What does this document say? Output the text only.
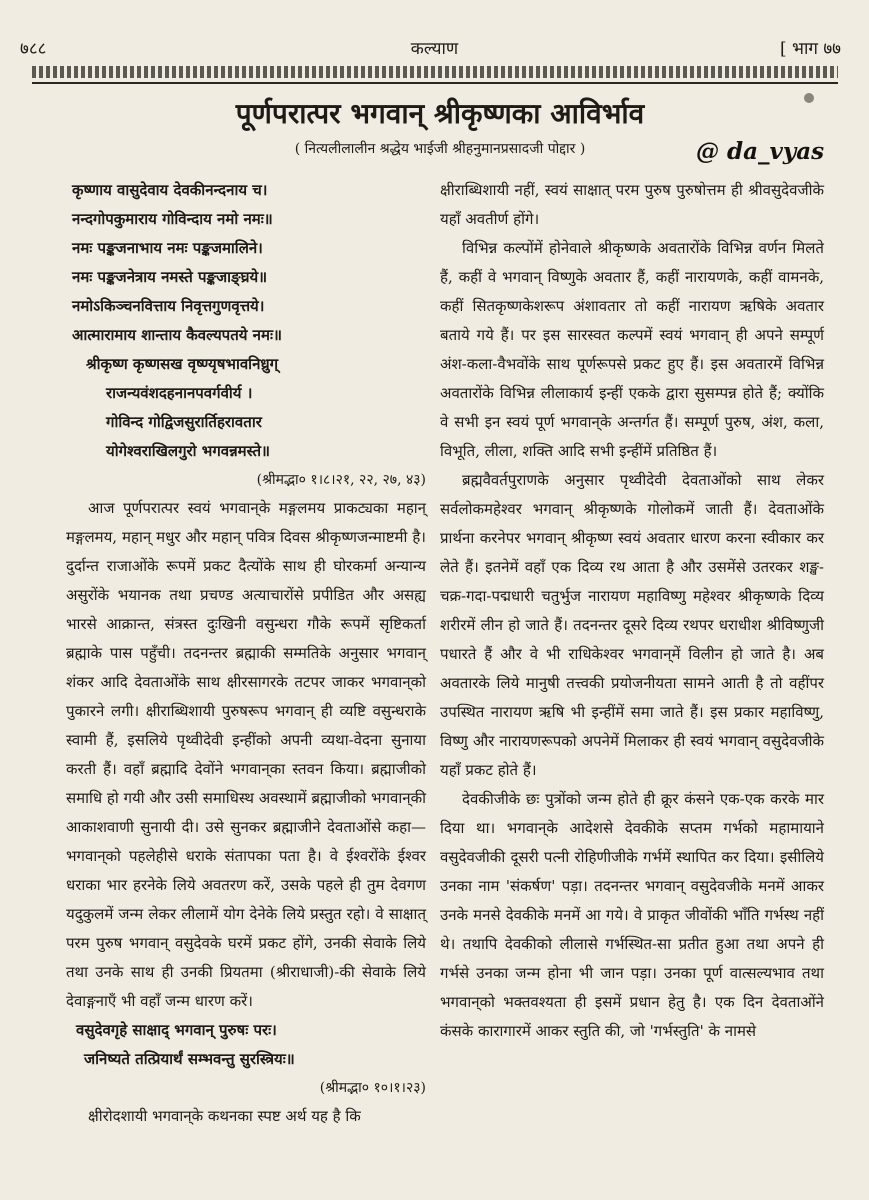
७८८	कल्याण	[ भाग ७७
पूर्णपरात्पर भगवान् श्रीकृष्णका आविर्भाव
( नित्यलीलालीन श्रद्धेय भाईजी श्रीहनुमानप्रसादजी पोद्दार )	@ da_vyas
कृष्णाय वासुदेवाय देवकीनन्दनाय च।
नन्दगोपकुमाराय गोविन्दाय नमो नमः॥
नमः पङ्कजनाभाय नमः पङ्कजमालिने।
नमः पङ्कजनेत्राय नमस्ते पङ्कजाङ्घ्रये॥
नमोऽकिञ्चनवित्ताय निवृत्तगुणवृत्तये।
आत्मारामाय शान्ताय कैवल्यपतये नमः॥
श्रीकृष्ण कृष्णसख वृष्ण्यृषभावनिध्रुग्
राजन्यवंशदहनानपवर्गवीर्य ।
गोविन्द गोद्विजसुरार्तिहरावतार
योगेश्वराखिलगुरो भगवन्नमस्ते॥
(श्रीमद्भा० १।८।२१, २२, २७, ४३)

आज पूर्णपरात्पर स्वयं भगवान्‌के मङ्गलमय प्राकट्यका महान् मङ्गलमय, महान् मधुर और महान् पवित्र दिवस श्रीकृष्णजन्माष्टमी है। दुर्दान्त राजाओंके रूपमें प्रकट दैत्योंके साथ ही घोरकर्मा अन्यान्य असुरोंके भयानक तथा प्रचण्ड अत्याचारोंसे प्रपीडित और असह्य भारसे आक्रान्त, संत्रस्त दुःखिनी वसुन्धरा गौके रूपमें सृष्टिकर्ता ब्रह्माके पास पहुँची। तदनन्तर ब्रह्माकी सम्मतिके अनुसार भगवान् शंकर आदि देवताओंके साथ क्षीरसागरके तटपर जाकर भगवान्‌को पुकारने लगी। क्षीराब्धिशायी पुरुषरूप भगवान् ही व्यष्टि वसुन्धराके स्वामी हैं, इसलिये पृथ्वीदेवी इन्हींको अपनी व्यथा-वेदना सुनाया करती हैं। वहाँ ब्रह्मादि देवोंने भगवान्‌का स्तवन किया। ब्रह्माजीको समाधि हो गयी और उसी समाधिस्थ अवस्थामें ब्रह्माजीको भगवान्‌की आकाशवाणी सुनायी दी। उसे सुनकर ब्रह्माजीने देवताओंसे कहा—भगवान्‌को पहलेहीसे धराके संतापका पता है। वे ईश्वरोंके ईश्वर धराका भार हरनेके लिये अवतरण करें, उसके पहले ही तुम देवगण यदुकुलमें जन्म लेकर लीलामें योग देनेके लिये प्रस्तुत रहो। वे साक्षात् परम पुरुष भगवान् वसुदेवके घरमें प्रकट होंगे, उनकी सेवाके लिये तथा उनके साथ ही उनकी प्रियतमा (श्रीराधाजी)-की सेवाके लिये देवाङ्गनाएँ भी वहाँ जन्म धारण करें।

वसुदेवगृहे साक्षाद् भगवान् पुरुषः परः।
जनिष्यते तत्प्रियार्थं सम्भवन्तु सुरस्त्रियः॥
(श्रीमद्भा० १०।१।२३)

क्षीरोदशायी भगवान्‌के कथनका स्पष्ट अर्थ यह है कि

क्षीराब्धिशायी नहीं, स्वयं साक्षात् परम पुरुष पुरुषोत्तम ही श्रीवसुदेवजीके यहाँ अवतीर्ण होंगे।

विभिन्न कल्पोंमें होनेवाले श्रीकृष्णके अवतारोंके विभिन्न वर्णन मिलते हैं, कहीं वे भगवान् विष्णुके अवतार हैं, कहीं नारायणके, कहीं वामनके, कहीं सितकृष्णकेशरूप अंशावतार तो कहीं नारायण ऋषिके अवतार बताये गये हैं। पर इस सारस्वत कल्पमें स्वयं भगवान् ही अपने सम्पूर्ण अंश-कला-वैभवोंके साथ पूर्णरूपसे प्रकट हुए हैं। इस अवतारमें विभिन्न अवतारोंके विभिन्न लीलाकार्य इन्हीं एकके द्वारा सुसम्पन्न होते हैं; क्योंकि वे सभी इन स्वयं पूर्ण भगवान्‌के अन्तर्गत हैं। सम्पूर्ण पुरुष, अंश, कला, विभूति, लीला, शक्ति आदि सभी इन्हींमें प्रतिष्ठित हैं।

ब्रह्मवैवर्तपुराणके अनुसार पृथ्वीदेवी देवताओंको साथ लेकर सर्वलोकमहेश्वर भगवान् श्रीकृष्णके गोलोकमें जाती हैं। देवताओंके प्रार्थना करनेपर भगवान् श्रीकृष्ण स्वयं अवतार धारण करना स्वीकार कर लेते हैं। इतनेमें वहाँ एक दिव्य रथ आता है और उसमेंसे उतरकर शङ्ख-चक्र-गदा-पद्मधारी चतुर्भुज नारायण महाविष्णु महेश्वर श्रीकृष्णके दिव्य शरीरमें लीन हो जाते हैं। तदनन्तर दूसरे दिव्य रथपर धराधीश श्रीविष्णुजी पधारते हैं और वे भी राधिकेश्वर भगवान्‌में विलीन हो जाते है। अब अवतारके लिये मानुषी तत्त्वकी प्रयोजनीयता सामने आती है तो वहींपर उपस्थित नारायण ऋषि भी इन्हींमें समा जाते हैं। इस प्रकार महाविष्णु, विष्णु और नारायणरूपको अपनेमें मिलाकर ही स्वयं भगवान् वसुदेवजीके यहाँ प्रकट होते हैं।

देवकीजीके छः पुत्रोंको जन्म होते ही क्रूर कंसने एक-एक करके मार दिया था। भगवान्‌के आदेशसे देवकीके सप्तम गर्भको महामायाने वसुदेवजीकी दूसरी पत्नी रोहिणीजीके गर्भमें स्थापित कर दिया। इसीलिये उनका नाम 'संकर्षण' पड़ा। तदनन्तर भगवान् वसुदेवजीके मनमें आकर उनके मनसे देवकीके मनमें आ गये। वे प्राकृत जीवोंकी भाँति गर्भस्थ नहीं थे। तथापि देवकीको लीलासे गर्भस्थित-सा प्रतीत हुआ तथा अपने ही गर्भसे उनका जन्म होना भी जान पड़ा। उनका पूर्ण वात्सल्यभाव तथा भगवान्‌को भक्तवश्यता ही इसमें प्रधान हेतु है। एक दिन देवताओंने कंसके कारागारमें आकर स्तुति की, जो 'गर्भस्तुति' के नामसे
